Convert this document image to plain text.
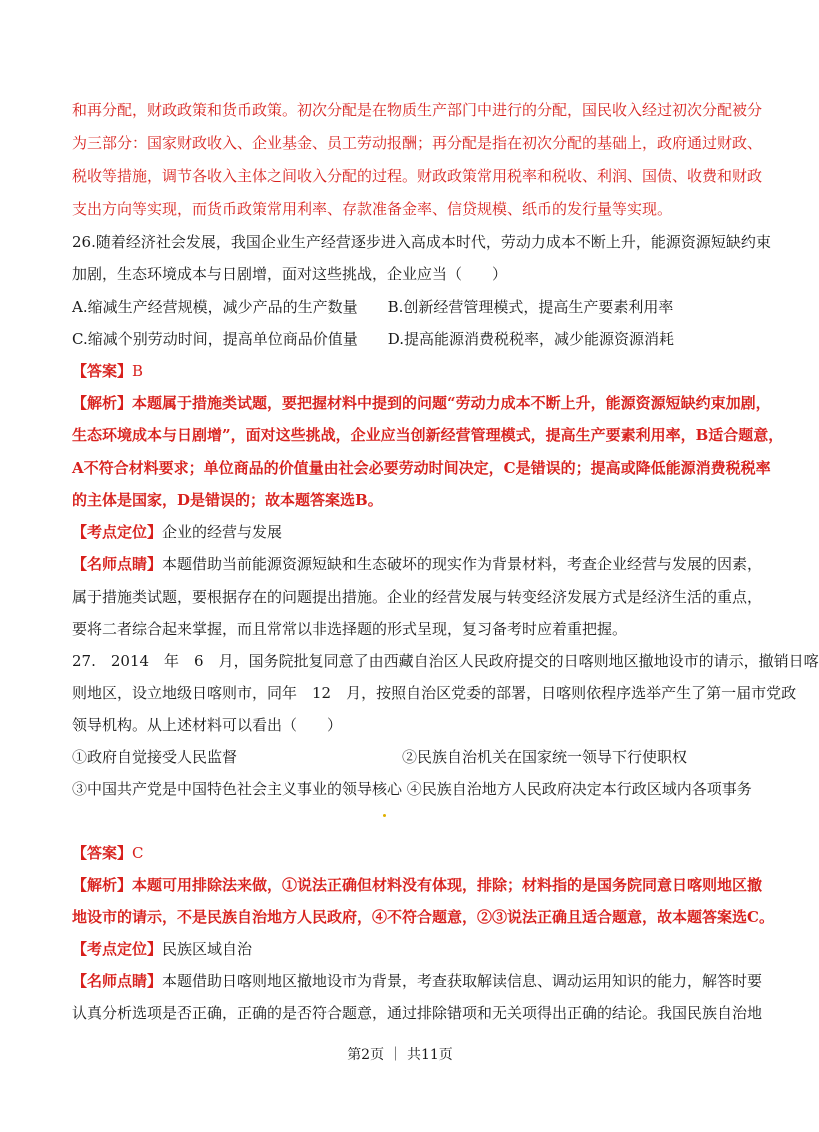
和再分配，财政政策和货币政策。初次分配是在物质生产部门中进行的分配，国民收入经过初次分配被分
为三部分：国家财政收入、企业基金、员工劳动报酬；再分配是指在初次分配的基础上，政府通过财政、
税收等措施，调节各收入主体之间收入分配的过程。财政政策常用税率和税收、利润、国债、收费和财政
支出方向等实现，而货币政策常用利率、存款准备金率、信贷规模、纸币的发行量等实现。
26.随着经济社会发展，我国企业生产经营逐步进入高成本时代，劳动力成本不断上升，能源资源短缺约束
加剧，生态环境成本与日剧增，面对这些挑战，企业应当（　　）
A.缩减生产经营规模，减少产品的生产数量　　B.创新经营管理模式，提高生产要素利用率
C.缩减个别劳动时间，提高单位商品价值量　　D.提高能源消费税税率，减少能源资源消耗
【答案】B
【解析】本题属于措施类试题，要把握材料中提到的问题“劳动力成本不断上升，能源资源短缺约束加剧，
生态环境成本与日剧增”，面对这些挑战，企业应当创新经营管理模式，提高生产要素利用率，B适合题意，
A不符合材料要求；单位商品的价值量由社会必要劳动时间决定，C是错误的；提高或降低能源消费税税率
的主体是国家，D是错误的；故本题答案选B。
【考点定位】企业的经营与发展
【名师点睛】本题借助当前能源资源短缺和生态破坏的现实作为背景材料，考查企业经营与发展的因素，
属于措施类试题，要根据存在的问题提出措施。企业的经营发展与转变经济发展方式是经济生活的重点，
要将二者综合起来掌握，而且常常以非选择题的形式呈现，复习备考时应着重把握。
27.　2014　年　6　月，国务院批复同意了由西藏自治区人民政府提交的日喀则地区撤地设市的请示，撤销日喀
则地区，设立地级日喀则市，同年　12　月，按照自治区党委的部署，日喀则依程序选举产生了第一届市党政
领导机构。从上述材料可以看出（　　）
①政府自觉接受人民监督　　　　　　　　　　　②民族自治机关在国家统一领导下行使职权
③中国共产党是中国特色社会主义事业的领导核心 ④民族自治地方人民政府决定本行政区域内各项事务
【答案】C
【解析】本题可用排除法来做，①说法正确但材料没有体现，排除；材料指的是国务院同意日喀则地区撤
地设市的请示，不是民族自治地方人民政府，④不符合题意，②③说法正确且适合题意，故本题答案选C。
【考点定位】民族区域自治
【名师点睛】本题借助日喀则地区撤地设市为背景，考查获取解读信息、调动运用知识的能力，解答时要
认真分析选项是否正确，正确的是否符合题意，通过排除错项和无关项得出正确的结论。我国民族自治地
第2页 ｜ 共11页
